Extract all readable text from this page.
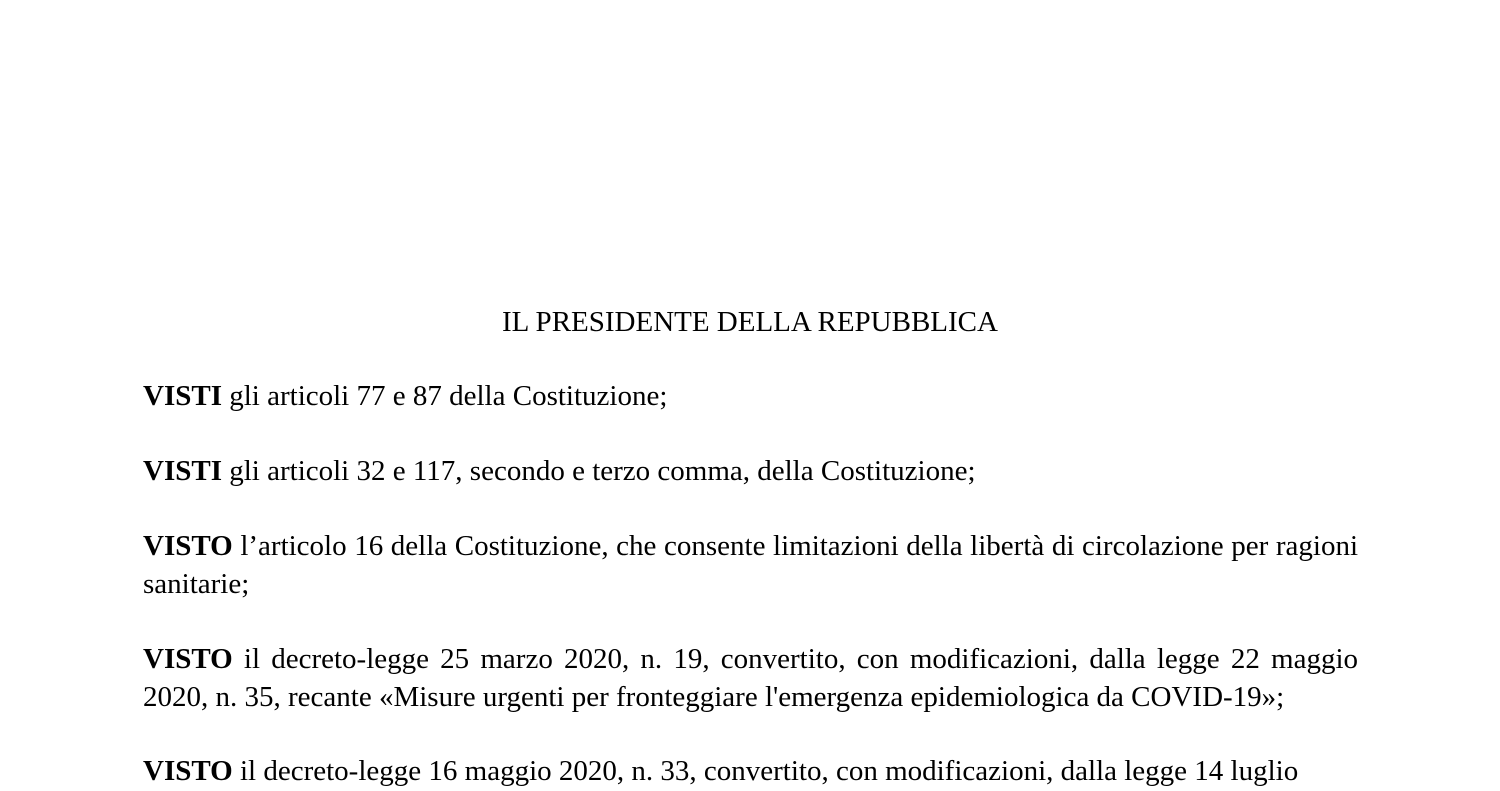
IL PRESIDENTE DELLA REPUBBLICA

VISTI gli articoli 77 e 87 della Costituzione;

VISTI gli articoli 32 e 117, secondo e terzo comma, della Costituzione;

VISTO l’articolo 16 della Costituzione, che consente limitazioni della libertà di circolazione per ragioni sanitarie;

VISTO il decreto-legge 25 marzo 2020, n. 19, convertito, con modificazioni, dalla legge 22 maggio 2020, n. 35, recante «Misure urgenti per fronteggiare l'emergenza epidemiologica da COVID-19»;

VISTO il decreto-legge 16 maggio 2020, n. 33, convertito, con modificazioni, dalla legge 14 luglio
